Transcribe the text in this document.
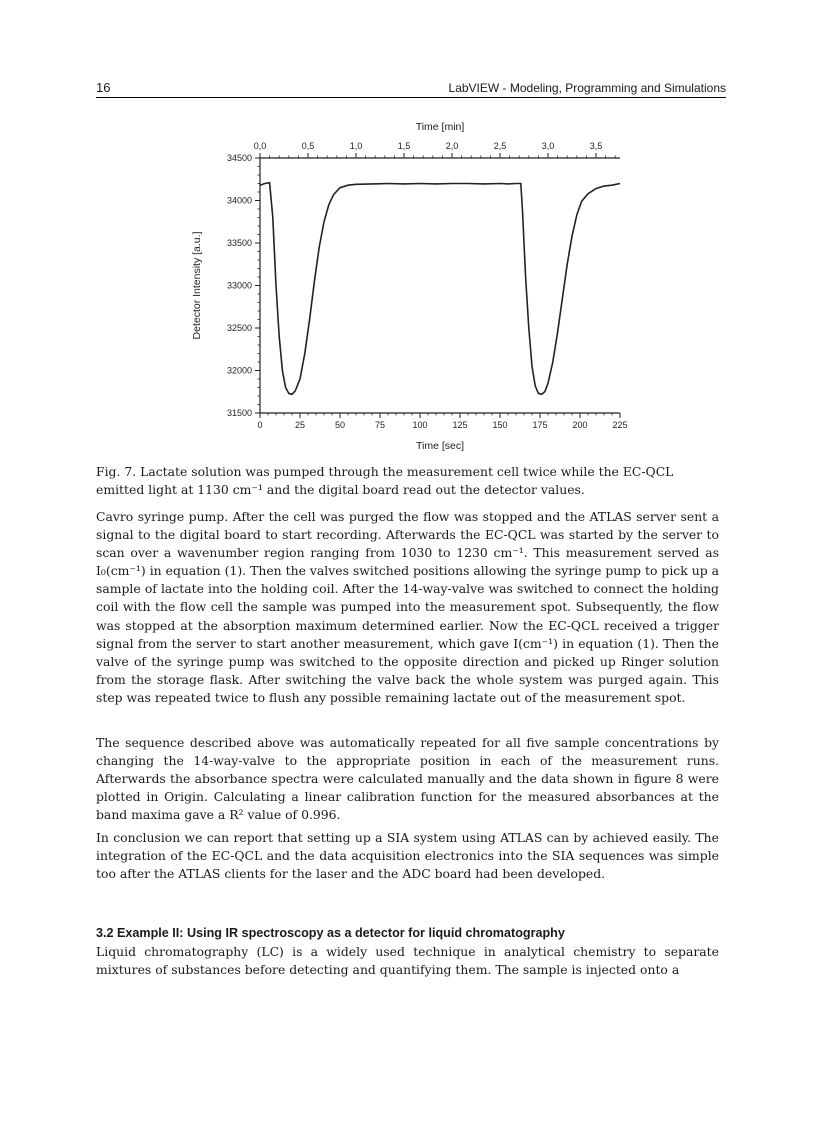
16	LabVIEW - Modeling, Programming and Simulations
0	25	50	75	100	125	150	175	200	225
0,0	0,5	1,0	1,5	2,0	2,5	3,0	3,5
31500
32000
32500
33000
33500
34000
34500
Time [sec]
Time [min]
Detector Intensity [a.u.]

Fig. 7. Lactate solution was pumped through the measurement cell twice while the EC-QCL emitted light at 1130 cm⁻¹ and the digital board read out the detector values.

Cavro syringe pump. After the cell was purged the flow was stopped and the ATLAS server sent a signal to the digital board to start recording. Afterwards the EC-QCL was started by the server to scan over a wavenumber region ranging from 1030 to 1230 cm⁻¹. This measurement served as I₀(cm⁻¹) in equation (1). Then the valves switched positions allowing the syringe pump to pick up a sample of lactate into the holding coil. After the 14-way-valve was switched to connect the holding coil with the flow cell the sample was pumped into the measurement spot. Subsequently, the flow was stopped at the absorption maximum determined earlier. Now the EC-QCL received a trigger signal from the server to start another measurement, which gave I(cm⁻¹) in equation (1). Then the valve of the syringe pump was switched to the opposite direction and picked up Ringer solution from the storage flask. After switching the valve back the whole system was purged again. This step was repeated twice to flush any possible remaining lactate out of the measurement spot.

The sequence described above was automatically repeated for all five sample concentrations by changing the 14-way-valve to the appropriate position in each of the measurement runs. Afterwards the absorbance spectra were calculated manually and the data shown in figure 8 were plotted in Origin. Calculating a linear calibration function for the measured absorbances at the band maxima gave a R² value of 0.996.

In conclusion we can report that setting up a SIA system using ATLAS can by achieved easily. The integration of the EC-QCL and the data acquisition electronics into the SIA sequences was simple too after the ATLAS clients for the laser and the ADC board had been developed.

3.2 Example II: Using IR spectroscopy as a detector for liquid chromatography

Liquid chromatography (LC) is a widely used technique in analytical chemistry to separate mixtures of substances before detecting and quantifying them. The sample is injected onto a
